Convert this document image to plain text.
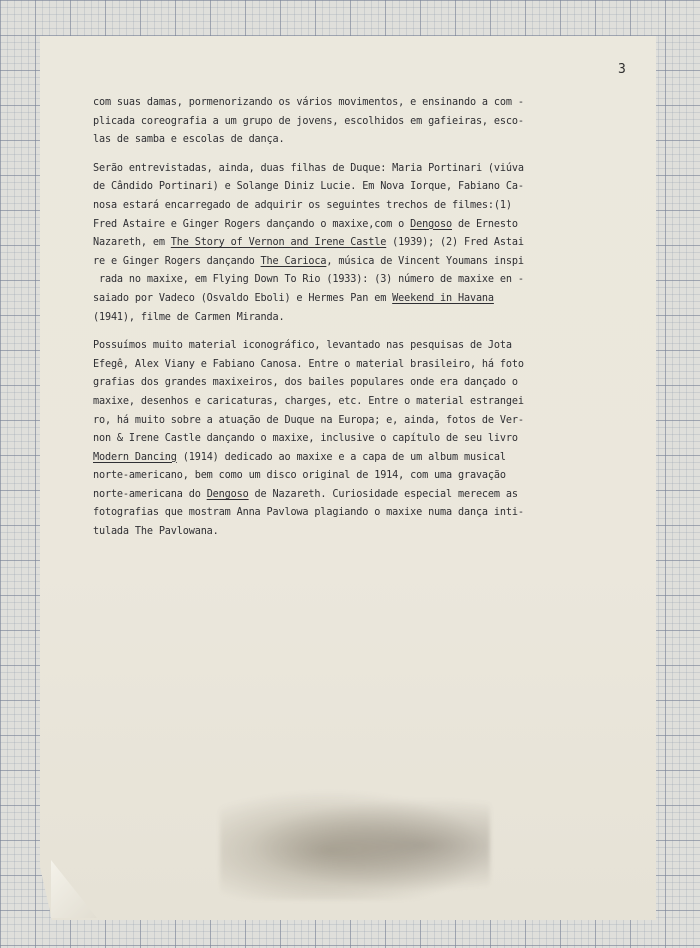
3
com suas damas, pormenorizando os vários movimentos, e ensinando a com -
plicada coreografia a um grupo de jovens, escolhidos em gafieiras, esco-
las de samba e escolas de dança.
Serão entrevistadas, ainda, duas filhas de Duque: Maria Portinari (viúva
de Cândido Portinari) e Solange Diniz Lucie. Em Nova Iorque, Fabiano Ca-
nosa estará encarregado de adquirir os seguintes trechos de filmes:(1)
Fred Astaire e Ginger Rogers dançando o maxixe,com o Dengoso de Ernesto
Nazareth, em The Story of Vernon and Irene Castle (1939); (2) Fred Astai
re e Ginger Rogers dançando The Carioca, música de Vincent Youmans inspi
rada no maxixe, em Flying Down To Rio (1933): (3) número de maxixe en -
saiado por Vadeco (Osvaldo Eboli) e Hermes Pan em Weekend in Havana
(1941), filme de Carmen Miranda.
Possuímos muito material iconográfico, levantado nas pesquisas de Jota
Efegê, Alex Viany e Fabiano Canosa. Entre o material brasileiro, há foto
grafias dos grandes maxixeiros, dos bailes populares onde era dançado o
maxixe, desenhos e caricaturas, charges, etc. Entre o material estrangei
ro, há muito sobre a atuação de Duque na Europa; e, ainda, fotos de Ver-
non & Irene Castle dançando o maxixe, inclusive o capítulo de seu livro
Modern Dancing (1914) dedicado ao maxixe e a capa de um album musical
norte-americano, bem como um disco original de 1914, com uma gravação
norte-americana do Dengoso de Nazareth. Curiosidade especial merecem as
fotografias que mostram Anna Pavlowa plagiando o maxixe numa dança inti-
tulada The Pavlowana.
